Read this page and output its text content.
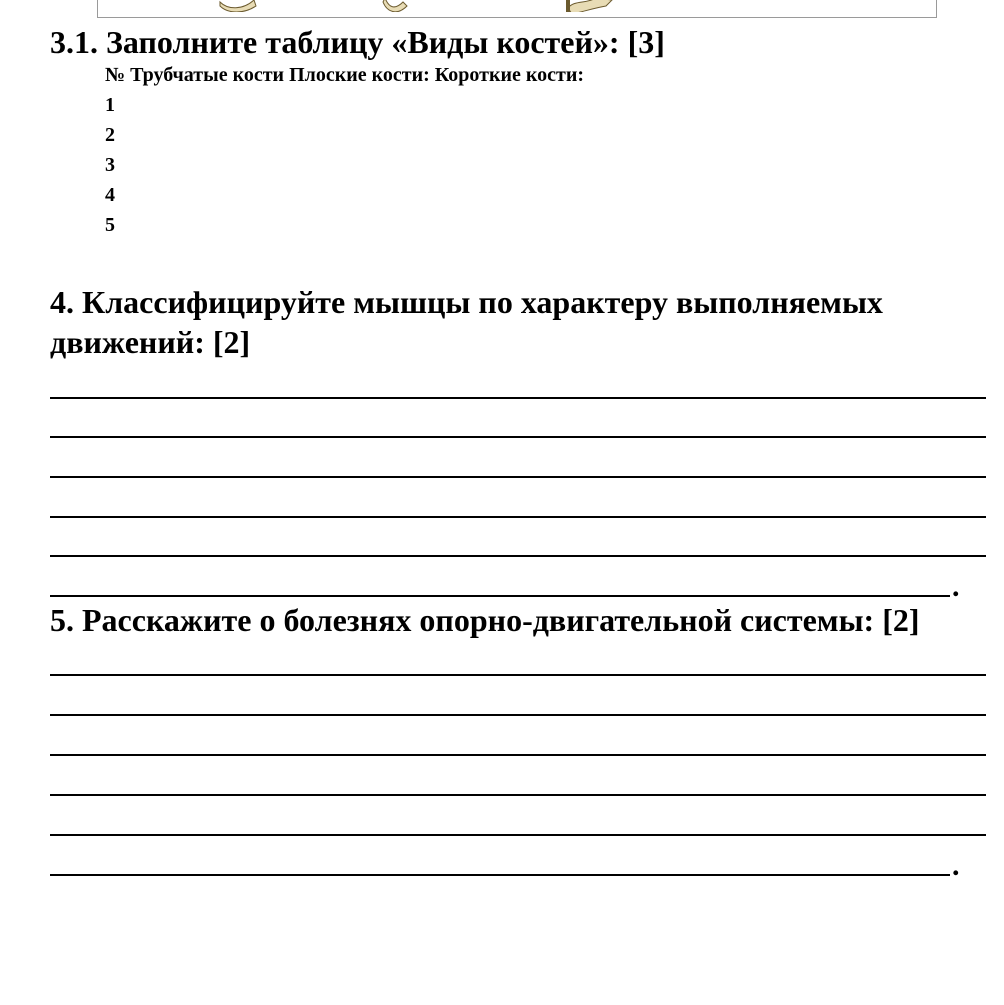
3.1. Заполните таблицу «Виды костей»: [3]
№ Трубчатые кости Плоские кости: Короткие кости:
1
2
3
4
5
4. Классифицируйте мышцы по характеру выполняемых движений: [2]
.
5. Расскажите о болезнях опорно-двигательной системы: [2]
.
